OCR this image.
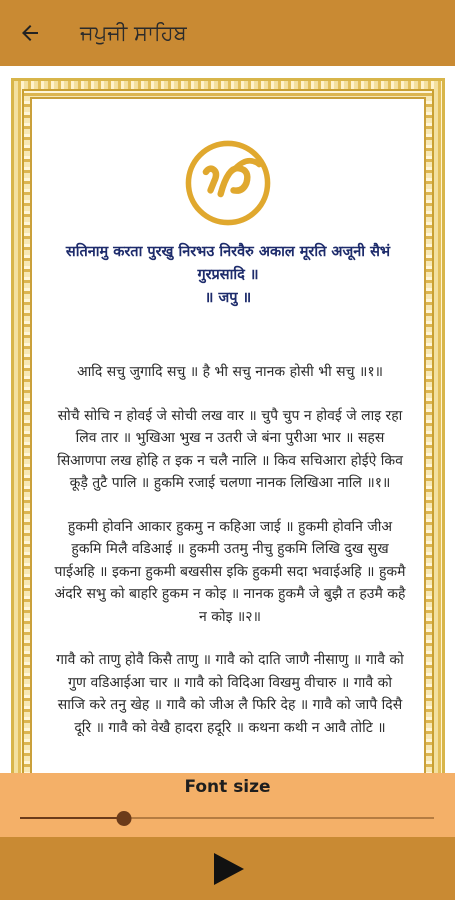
ਜਪੁਜੀ ਸਾਹਿਬ
सतिनामु करता पुरखु निरभउ निरवैरु अकाल मूरति अजूनी सैभं गुरप्रसादि ॥
॥ जपु ॥

आदि सचु जुगादि सचु ॥ है भी सचु नानक होसी भी सचु ॥१॥

सोचै सोचि न होवई जे सोची लख वार ॥ चुपै चुप न होवई जे लाइ रहा लिव तार ॥ भुखिआ भुख न उतरी जे बंना पुरीआ भार ॥ सहस सिआणपा लख होहि त इक न चलै नालि ॥ किव सचिआरा होईऐ किव कूड़ै तुटै पालि ॥ हुकमि रजाई चलणा नानक लिखिआ नालि ॥१॥

हुकमी होवनि आकार हुकमु न कहिआ जाई ॥ हुकमी होवनि जीअ हुकमि मिलै वडिआई ॥ हुकमी उतमु नीचु हुकमि लिखि दुख सुख पाईअहि ॥ इकना हुकमी बखसीस इकि हुकमी सदा भवाईअहि ॥ हुकमै अंदरि सभु को बाहरि हुकम न कोइ ॥ नानक हुकमै जे बुझै त हउमै कहै न कोइ ॥२॥

गावै को ताणु होवै किसै ताणु ॥ गावै को दाति जाणै नीसाणु ॥ गावै को गुण वडिआईआ चार ॥ गावै को विदिआ विखमु वीचारु ॥ गावै को साजि करे तनु खेह ॥ गावै को जीअ लै फिरि देह ॥ गावै को जापै दिसै दूरि ॥ गावै को वेखै हादरा हदूरि ॥ कथना कथी न आवै तोटि ॥

Font size
